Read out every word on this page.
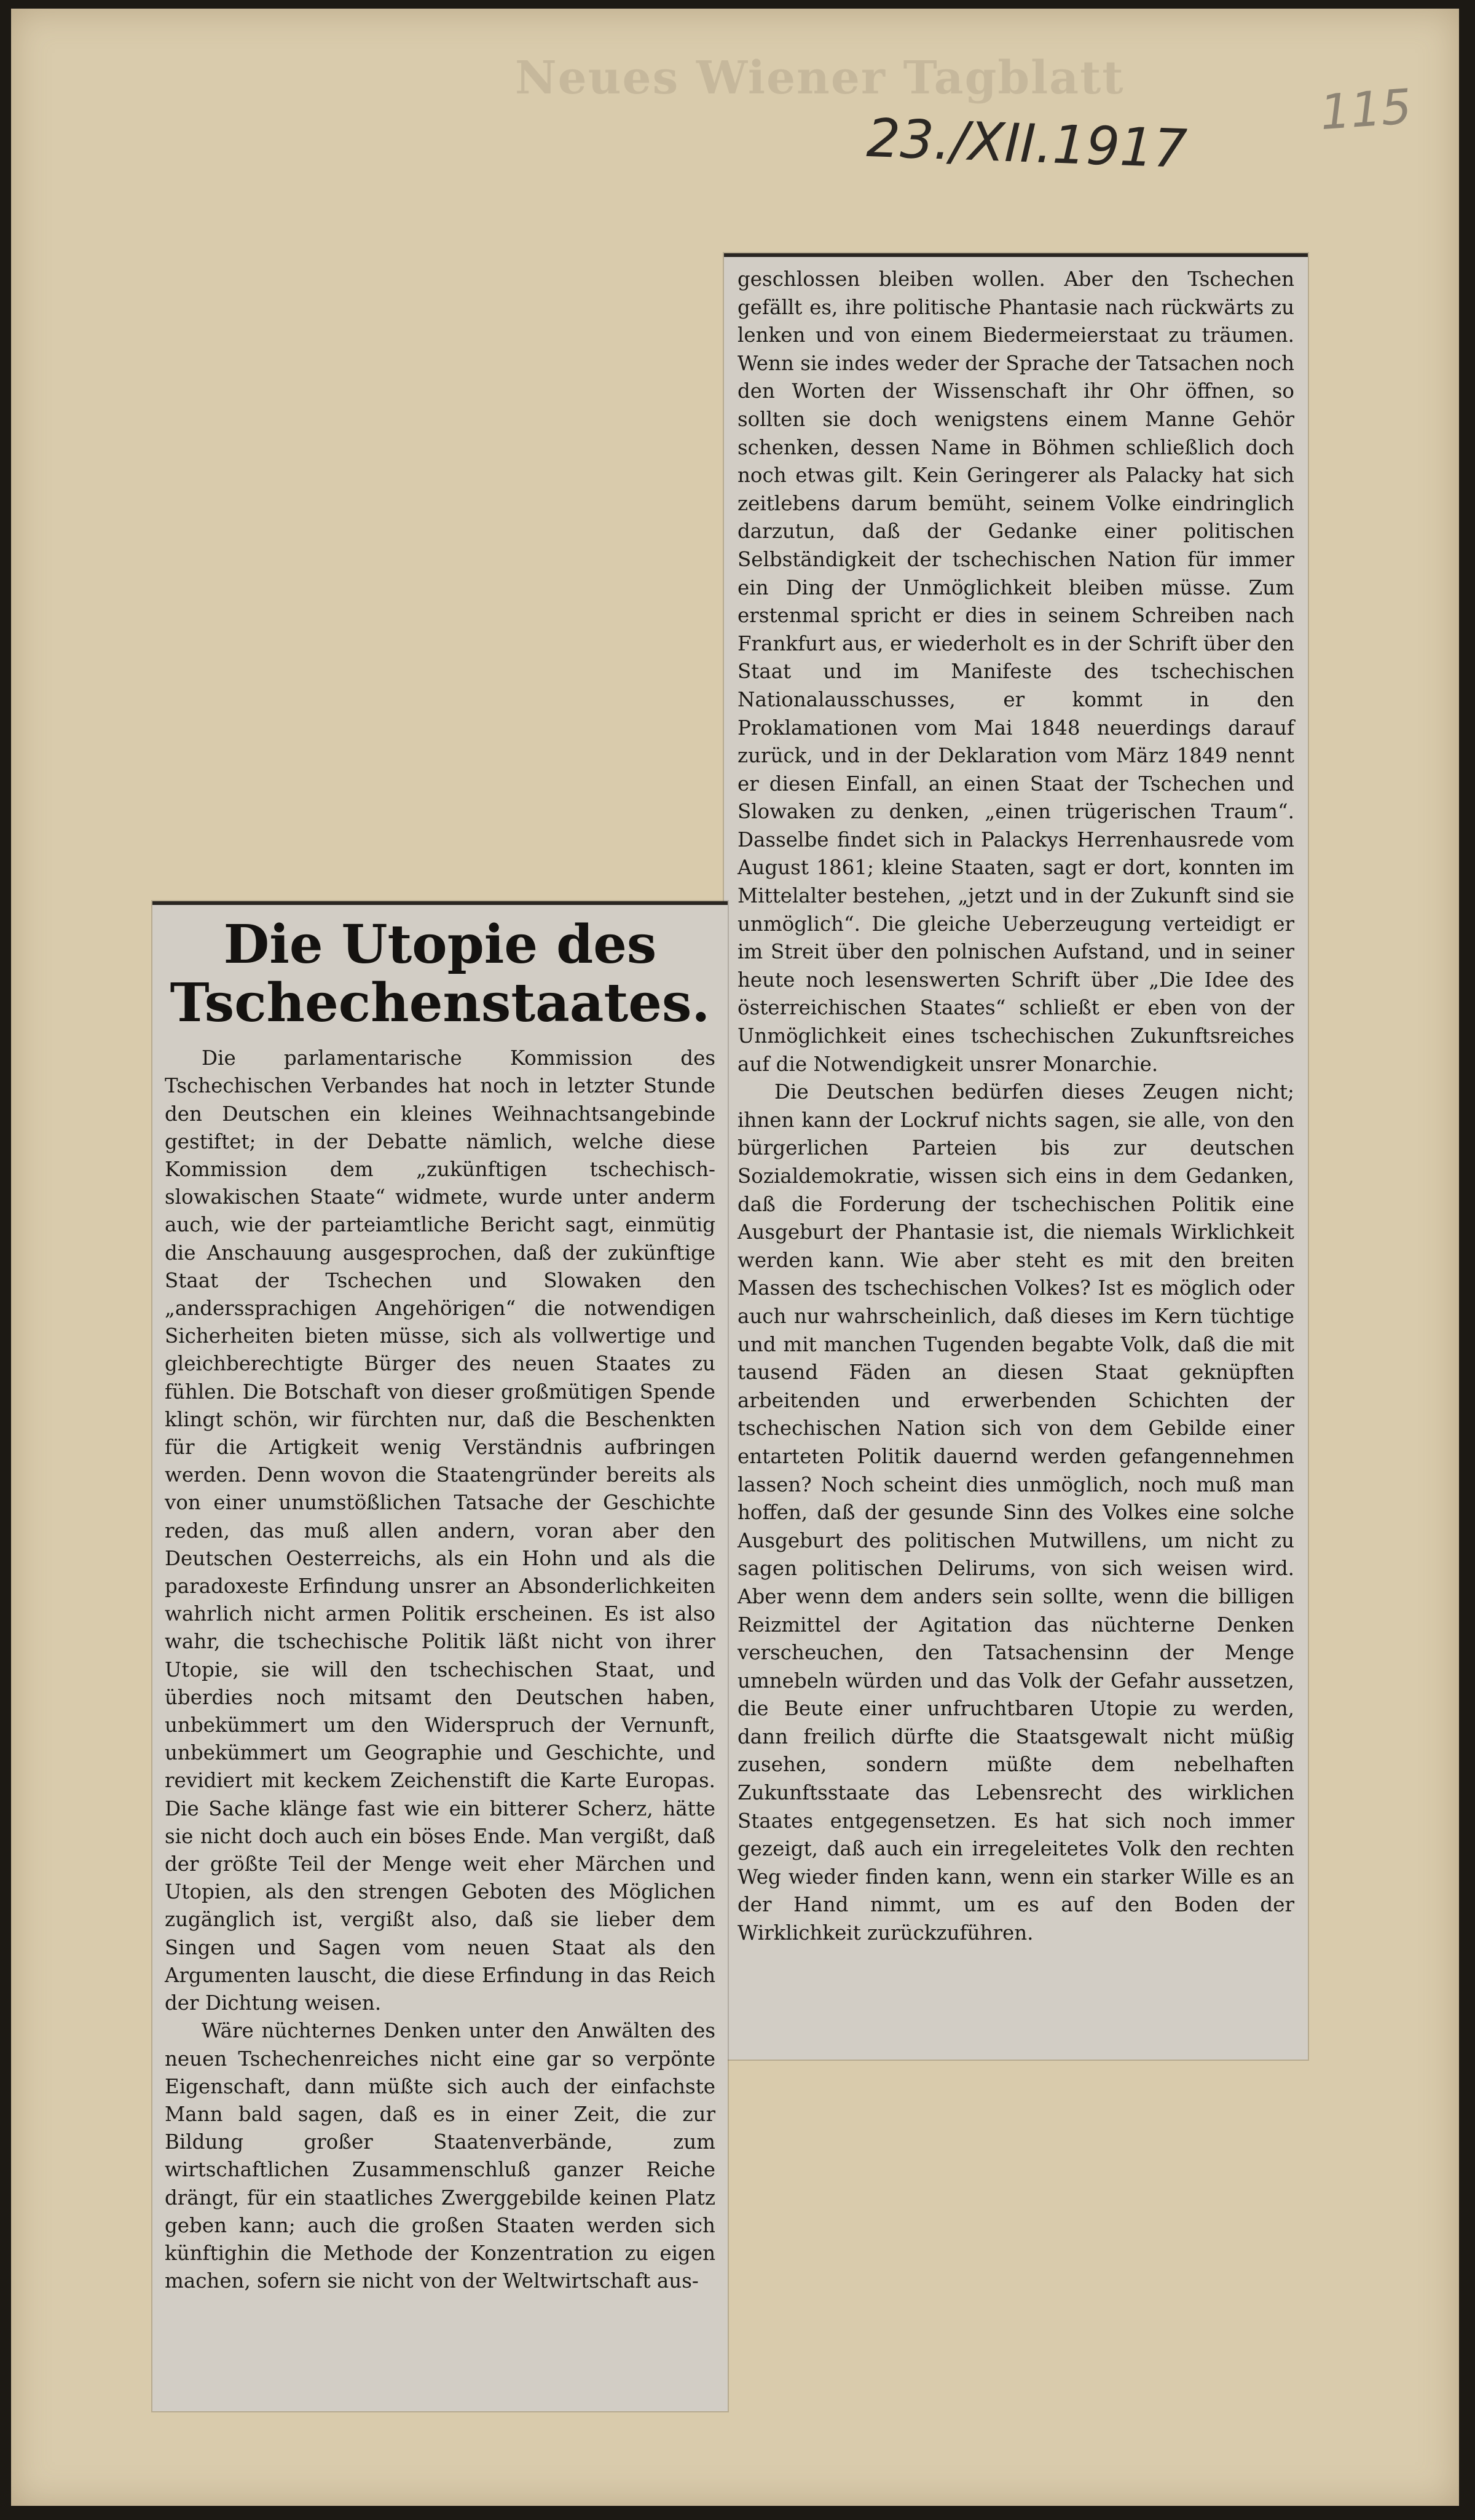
Neues Wiener Tagblatt
23./XII.1917	115

geschlossen bleiben wollen. Aber den Tschechen gefällt es, ihre politische Phantasie nach rückwärts zu lenken und von einem Biedermeierstaat zu träumen. Wenn sie indes weder der Sprache der Tatsachen noch den Worten der Wissenschaft ihr Ohr öffnen, so sollten sie doch wenigstens einem Manne Gehör schenken, dessen Name in Böhmen schließlich doch noch etwas gilt. Kein Geringerer als Palacky hat sich zeitlebens darum bemüht, seinem Volke eindringlich darzutun, daß der Gedanke einer politischen Selbständigkeit der tschechischen Nation für immer ein Ding der Unmöglichkeit bleiben müsse. Zum erstenmal spricht er dies in seinem Schreiben nach Frankfurt aus, er wiederholt es in der Schrift über den Staat und im Manifeste des tschechischen Nationalausschusses, er kommt in den Proklamationen vom Mai 1848 neuerdings darauf zurück, und in der Deklaration vom März 1849 nennt er diesen Einfall, an einen Staat der Tschechen und Slowaken zu denken, „einen trügerischen Traum“. Dasselbe findet sich in Palackys Herrenhausrede vom August 1861; kleine Staaten, sagt er dort, konnten im Mittelalter bestehen, „jetzt und in der Zukunft sind sie unmöglich“. Die gleiche Ueberzeugung verteidigt er im Streit über den polnischen Aufstand, und in seiner heute noch lesenswerten Schrift über „Die Idee des österreichischen Staates“ schließt er eben von der Unmöglichkeit eines tschechischen Zukunftsreiches auf die Notwendigkeit unsrer Monarchie.

Die Deutschen bedürfen dieses Zeugen nicht; ihnen kann der Lockruf nichts sagen, sie alle, von den bürgerlichen Parteien bis zur deutschen Sozialdemokratie, wissen sich eins in dem Gedanken, daß die Forderung der tschechischen Politik eine Ausgeburt der Phantasie ist, die niemals Wirklichkeit werden kann. Wie aber steht es mit den breiten Massen des tschechischen Volkes? Ist es möglich oder auch nur wahrscheinlich, daß dieses im Kern tüchtige und mit manchen Tugenden begabte Volk, daß die mit tausend Fäden an diesen Staat geknüpften arbeitenden und erwerbenden Schichten der tschechischen Nation sich von dem Gebilde einer entarteten Politik dauernd werden gefangennehmen lassen? Noch scheint dies unmöglich, noch muß man hoffen, daß der gesunde Sinn des Volkes eine solche Ausgeburt des politischen Mutwillens, um nicht zu sagen politischen Delirums, von sich weisen wird. Aber wenn dem anders sein sollte, wenn die billigen Reizmittel der Agitation das nüchterne Denken verscheuchen, den Tatsachensinn der Menge umnebeln würden und das Volk der Gefahr aussetzen, die Beute einer unfruchtbaren Utopie zu werden, dann freilich dürfte die Staatsgewalt nicht müßig zusehen, sondern müßte dem nebelhaften Zukunftsstaate das Lebensrecht des wirklichen Staates entgegensetzen. Es hat sich noch immer gezeigt, daß auch ein irregeleitetes Volk den rechten Weg wieder finden kann, wenn ein starker Wille es an der Hand nimmt, um es auf den Boden der Wirklichkeit zurückzuführen.

Die Utopie des Tschechenstaates.

Die parlamentarische Kommission des Tschechischen Verbandes hat noch in letzter Stunde den Deutschen ein kleines Weihnachtsangebinde gestiftet; in der Debatte nämlich, welche diese Kommission dem „zukünftigen tschechisch-slowakischen Staate“ widmete, wurde unter anderm auch, wie der parteiamtliche Bericht sagt, einmütig die Anschauung ausgesprochen, daß der zukünftige Staat der Tschechen und Slowaken den „anderssprachigen Angehörigen“ die notwendigen Sicherheiten bieten müsse, sich als vollwertige und gleichberechtigte Bürger des neuen Staates zu fühlen. Die Botschaft von dieser großmütigen Spende klingt schön, wir fürchten nur, daß die Beschenkten für die Artigkeit wenig Verständnis aufbringen werden. Denn wovon die Staatengründer bereits als von einer unumstößlichen Tatsache der Geschichte reden, das muß allen andern, voran aber den Deutschen Oesterreichs, als ein Hohn und als die paradoxeste Erfindung unsrer an Absonderlichkeiten wahrlich nicht armen Politik erscheinen. Es ist also wahr, die tschechische Politik läßt nicht von ihrer Utopie, sie will den tschechischen Staat, und überdies noch mitsamt den Deutschen haben, unbekümmert um den Widerspruch der Vernunft, unbekümmert um Geographie und Geschichte, und revidiert mit keckem Zeichenstift die Karte Europas. Die Sache klänge fast wie ein bitterer Scherz, hätte sie nicht doch auch ein böses Ende. Man vergißt, daß der größte Teil der Menge weit eher Märchen und Utopien, als den strengen Geboten des Möglichen zugänglich ist, vergißt also, daß sie lieber dem Singen und Sagen vom neuen Staat als den Argumenten lauscht, die diese Erfindung in das Reich der Dichtung weisen.

Wäre nüchternes Denken unter den Anwälten des neuen Tschechenreiches nicht eine gar so verpönte Eigenschaft, dann müßte sich auch der einfachste Mann bald sagen, daß es in einer Zeit, die zur Bildung großer Staatenverbände, zum wirtschaftlichen Zusammenschluß ganzer Reiche drängt, für ein staatliches Zwerggebilde keinen Platz geben kann; auch die großen Staaten werden sich künftighin die Methode der Konzentration zu eigen machen, sofern sie nicht von der Weltwirtschaft aus-
